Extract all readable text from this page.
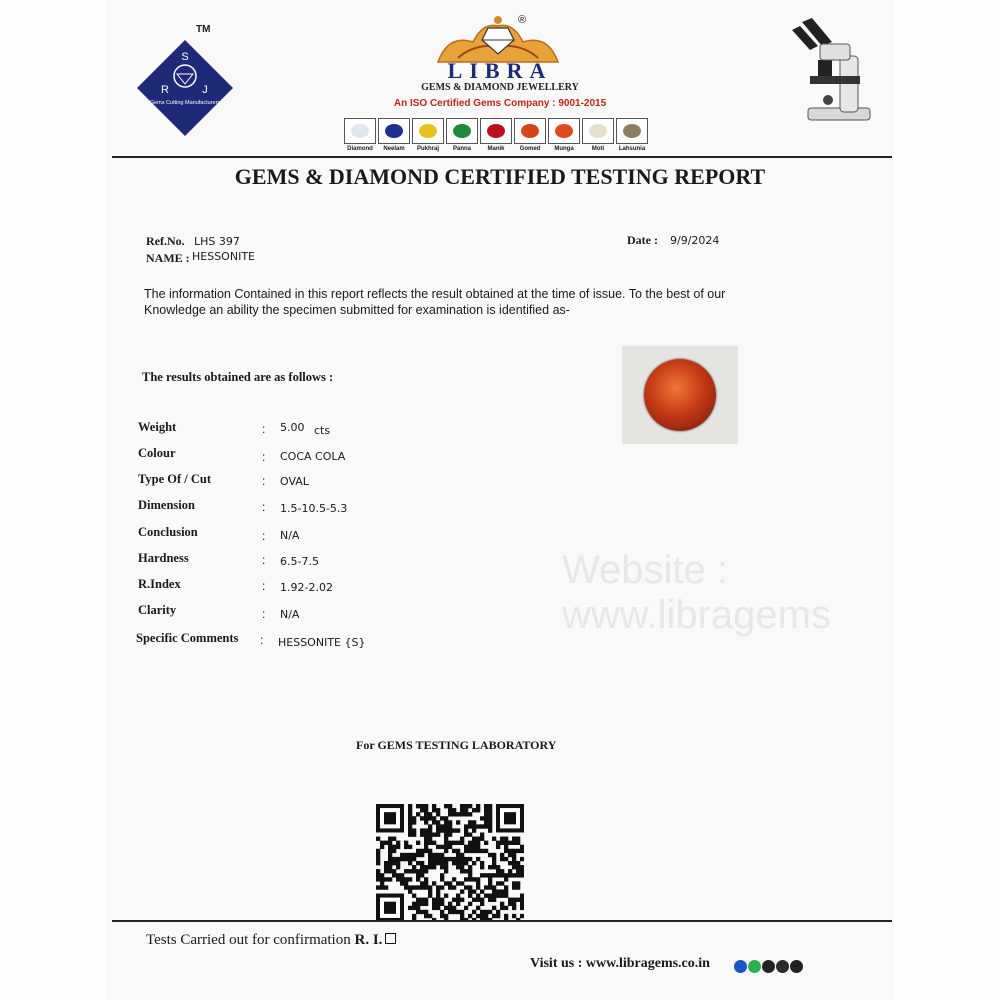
S
R	J
Gems Cutting Manufacturers
TM
®
LIBRA
GEMS & DIAMOND JEWELLERY
An ISO Certified Gems Company : 9001-2015
Diamond	Neelam	Pukhraj	Panna	Manik	Gomed	Munga	Moti	Lahsunia
GEMS & DIAMOND CERTIFIED TESTING REPORT
Ref.No. LHS 397
NAME : HESSONITE
Date : 9/9/2024
The information Contained in this report reflects the result obtained at the time of issue. To the best of our
Knowledge an ability the specimen submitted for examination is identified as-
The results obtained are as follows :
Website : www.libragems
Weight	: 5.00 cts
Colour	: COCA COLA
Type Of / Cut	: OVAL
Dimension	: 1.5-10.5-5.3
Conclusion	: N/A
Hardness	: 6.5-7.5
R.Index	: 1.92-2.02
Clarity	: N/A
Specific Comments : HESSONITE {S}
For GEMS TESTING LABORATORY
Tests Carried out for confirmation R. I.
Visit us : www.libragems.co.in
